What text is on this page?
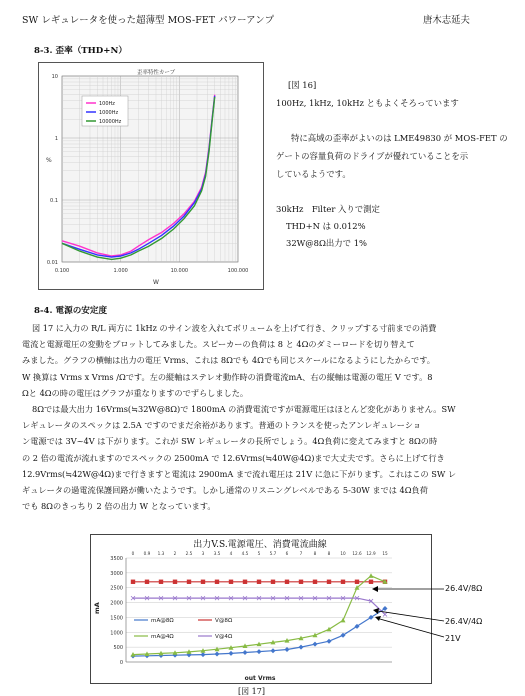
SW レギュレータを使った超薄型 MOS-FET パワーアンプ	唐木志延夫
8-3. 歪率（THD+N）
歪率特性カーブ
0.100	1.000	10.000	100.000
10
1
0.1
0.01
100Hz
1000Hz
10000Hz
W
%
[図 16]
100Hz, 1kHz, 10kHz ともよくそろっています
特に高域の歪率がよいのは LME49830 が MOS-FET の
ゲートの容量負荷のドライブが優れていることを示
しているようです。
30kHz　Filter 入りで測定
THD+N は 0.012%
32W@8Ω出力で 1%
8-4. 電源の安定度

図 17 に入力の R/L 両方に 1kHz のサイン波を入れてボリュームを上げて行き、クリップする寸前までの消費

電流と電源電圧の変動をプロットしてみました。スピーカーの負荷は 8 と 4Ωのダミーロードを切り替えて

みました。グラフの横軸は出力の電圧 Vrms、これは 8Ωでも 4Ωでも同じスケールになるようにしたからです。

W 換算は Vrms x Vrms /Ωです。左の縦軸はステレオ動作時の消費電流mA、右の縦軸は電源の電圧 V です。8

Ωと 4Ωの時の電圧はグラフが重なりますのでずらしました。

8Ωでは最大出力 16Vrms(≒32W@8Ω)で 1800mA の消費電流ですが電源電圧はほとんど変化がありません。SW

レギュレータのスペックは 2.5A ですのでまだ余裕があります。普通のトランスを使ったアンレギュレーショ

ン電源では 3V~4V は下がります。これが SW レギュレータの長所でしょう。4Ω負荷に変えてみますと 8Ωの時

の 2 倍の電流が流れますのでスペックの 2500mA で 12.6Vrms(≒40W@4Ω)まで大丈夫です。さらに上げて行き

12.9Vrms(≒42W@4Ω)まで行きますと電流は 2900mA まで流れ電圧は 21V に急に下がります。これはこの SW レ

ギュレータの過電流保護回路が働いたようです。しかし通常のリスニングレベルである 5-30W までは 4Ω負荷

でも 8Ωのきっちり 2 倍の出力 W となっています。

出力V.S.電源電圧、消費電流曲線
0
500
1000
1500
2000
2500
3000
3500
0 0.9 1.3 2 2.5 3 3.5 4 4.5 5 5.7 6	7	8	8 10 12.6 12.9 15
mA@8Ω	V@8Ω
mA@4Ω	V@4Ω
out Vrms
mA
26.4V/8Ω
26.4V/4Ω
21V
[図 17]
